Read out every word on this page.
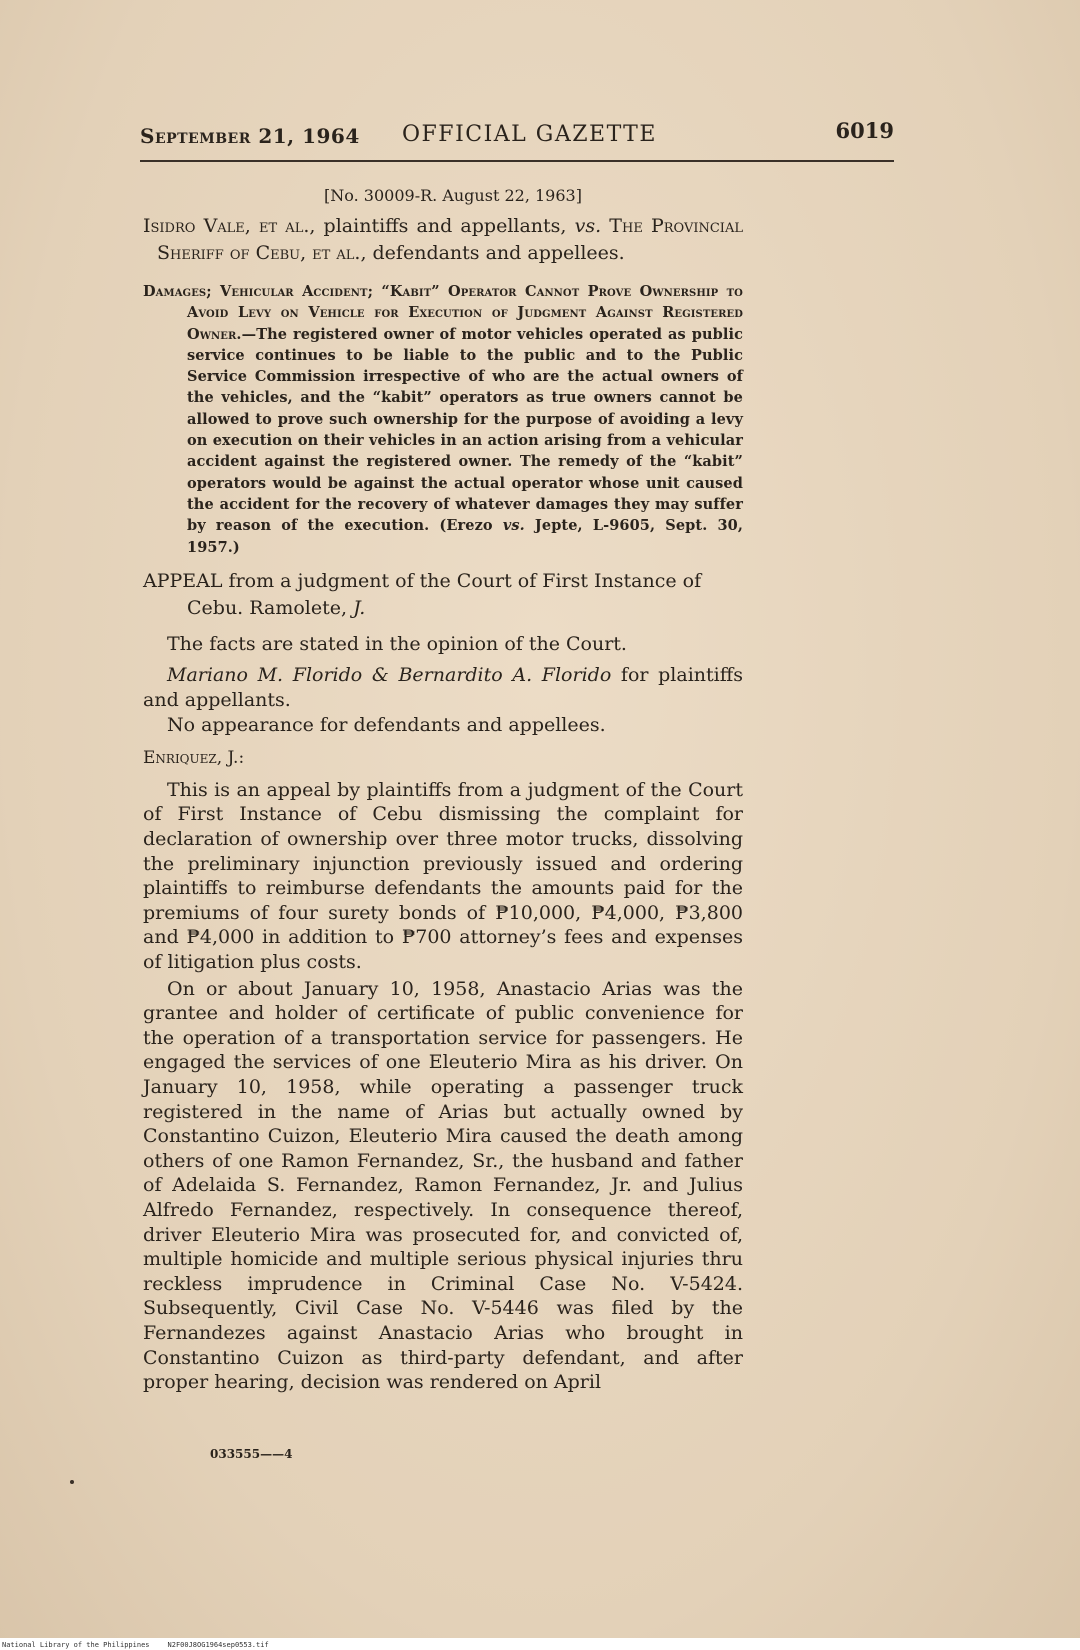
September 21, 1964 OFFICIAL GAZETTE	6019

[No. 30009-R. August 22, 1963]

Isidro Vale, et al., plaintiffs and appellants, vs. The Provincial Sheriff of Cebu, et al., defendants and appellees.

Damages; Vehicular Accident; “Kabit” Operator Cannot Prove Ownership to Avoid Levy on Vehicle for Execution of Judgment Against Registered Owner.—The registered owner of motor vehicles operated as public service continues to be liable to the public and to the Public Service Commission irrespective of who are the actual owners of the vehicles, and the “kabit” operators as true owners cannot be allowed to prove such ownership for the purpose of avoiding a levy on execution on their vehicles in an action arising from a vehicular accident against the registered owner. The remedy of the “kabit” operators would be against the actual operator whose unit caused the accident for the recovery of whatever damages they may suffer by reason of the execution. (Erezo vs. Jepte, L-9605, Sept. 30, 1957.)

APPEAL from a judgment of the Court of First Instance of Cebu. Ramolete, J.

The facts are stated in the opinion of the Court.

Mariano M. Florido & Bernardito A. Florido for plaintiffs and appellants.

No appearance for defendants and appellees.

Enriquez, J.:

This is an appeal by plaintiffs from a judgment of the Court of First Instance of Cebu dismissing the complaint for declaration of ownership over three motor trucks, dissolving the preliminary injunction previously issued and ordering plaintiffs to reimburse defendants the amounts paid for the premiums of four surety bonds of ₱10,000, ₱4,000, ₱3,800 and ₱4,000 in addition to ₱700 attorney’s fees and expenses of litigation plus costs.

On or about January 10, 1958, Anastacio Arias was the grantee and holder of certificate of public convenience for the operation of a transportation service for passengers. He engaged the services of one Eleuterio Mira as his driver. On January 10, 1958, while operating a passenger truck registered in the name of Arias but actually owned by Constantino Cuizon, Eleuterio Mira caused the death among others of one Ramon Fernandez, Sr., the husband and father of Adelaida S. Fernandez, Ramon Fernandez, Jr. and Julius Alfredo Fernandez, respectively. In consequence thereof, driver Eleuterio Mira was prosecuted for, and convicted of, multiple homicide and multiple serious physical injuries thru reckless imprudence in Criminal Case No. V-5424. Subsequently, Civil Case No. V-5446 was filed by the Fernandezes against Anastacio Arias who brought in Constantino Cuizon as third-party defendant, and after proper hearing, decision was rendered on April

033555——4
National Library of the Philippines	N2F00J8OG1964sep0553.tif
